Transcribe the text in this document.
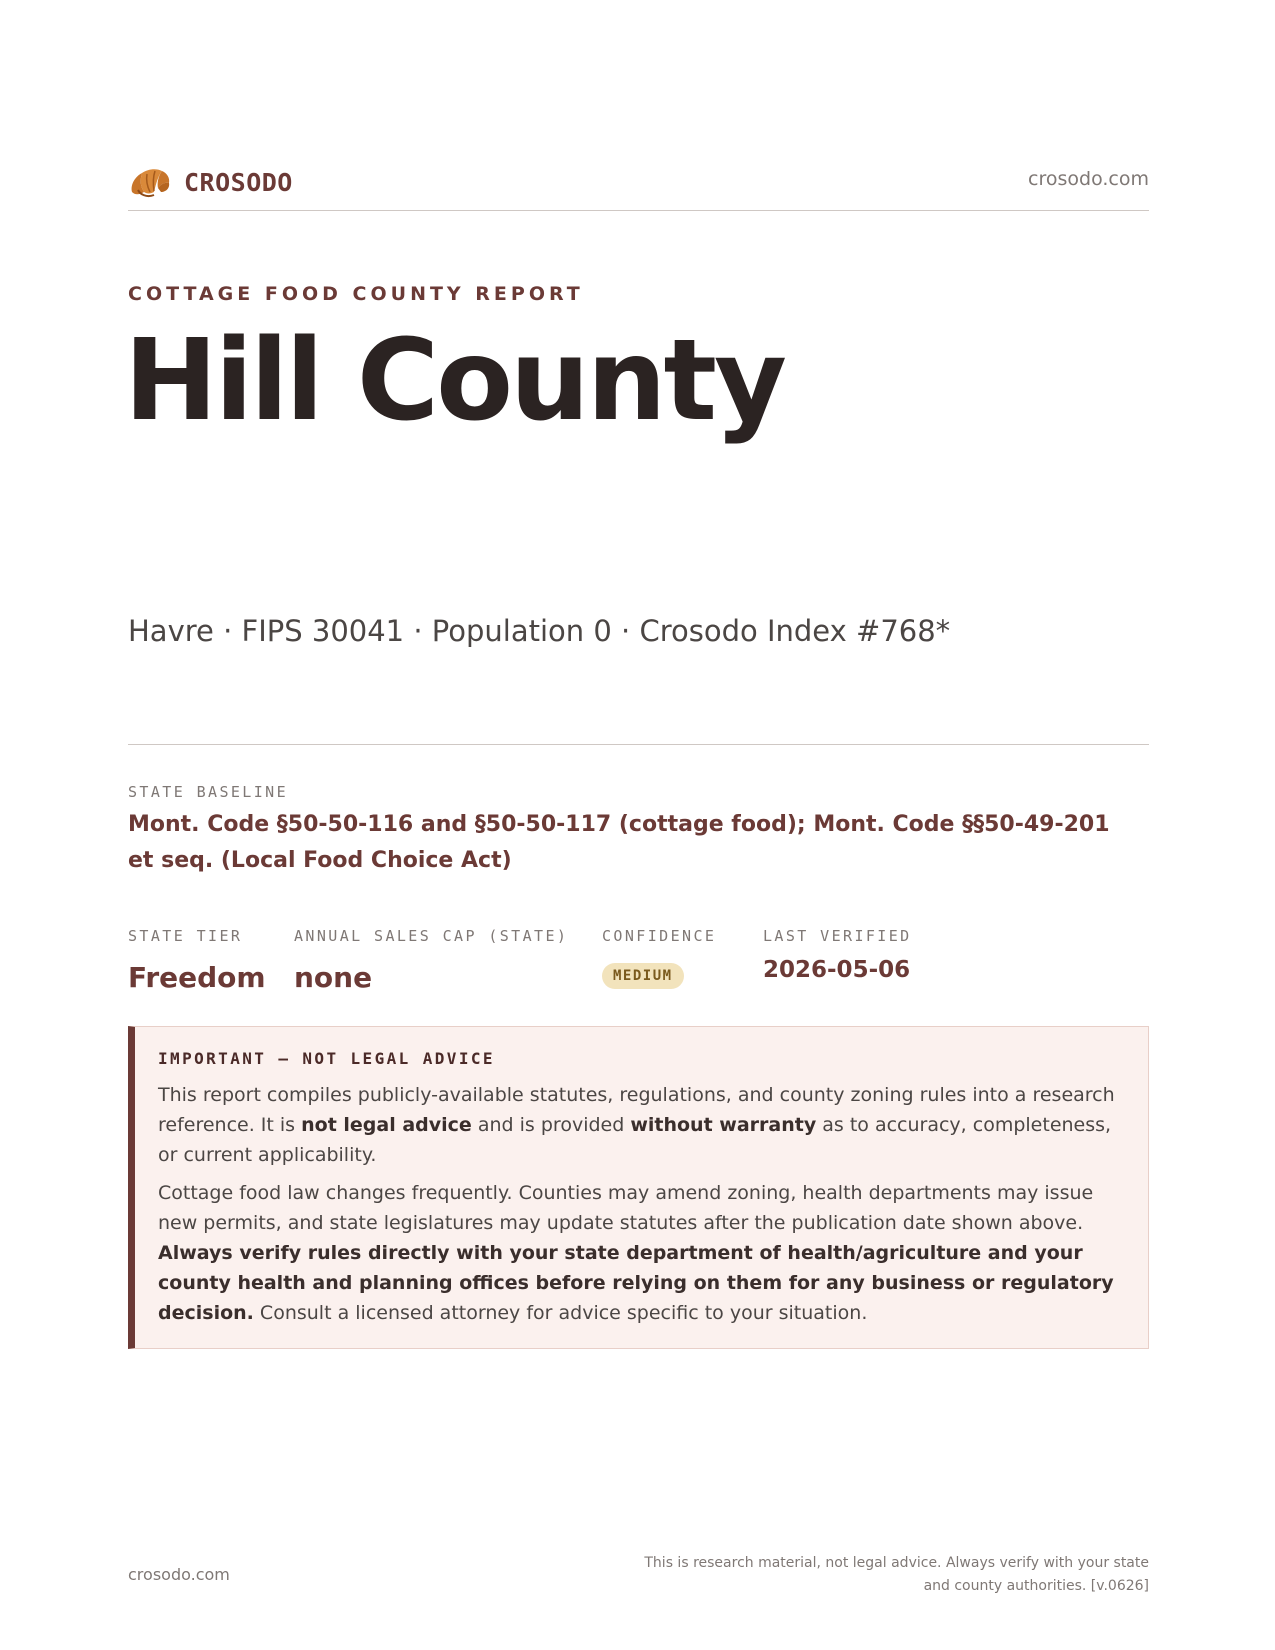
CROSODO	crosodo.com
COTTAGE FOOD COUNTY REPORT
Hill County
Havre · FIPS 30041 · Population 0 · Crosodo Index #768*
STATE BASELINE
Mont. Code §50-50-116 and §50-50-117 (cottage food); Mont. Code §§50-49-201 et seq. (Local Food Choice Act)
STATE TIER
Freedom
ANNUAL SALES CAP (STATE)
none
CONFIDENCE
MEDIUM
LAST VERIFIED
2026-05-06
IMPORTANT — NOT LEGAL ADVICE

This report compiles publicly-available statutes, regulations, and county zoning rules into a research reference. It is not legal advice and is provided without warranty as to accuracy, completeness, or current applicability.

Cottage food law changes frequently. Counties may amend zoning, health departments may issue new permits, and state legislatures may update statutes after the publication date shown above. Always verify rules directly with your state department of health/agriculture and your county health and planning offices before relying on them for any business or regulatory decision. Consult a licensed attorney for advice specific to your situation.

crosodo.com
This is research material, not legal advice. Always verify with your state
and county authorities. [v.0626]
